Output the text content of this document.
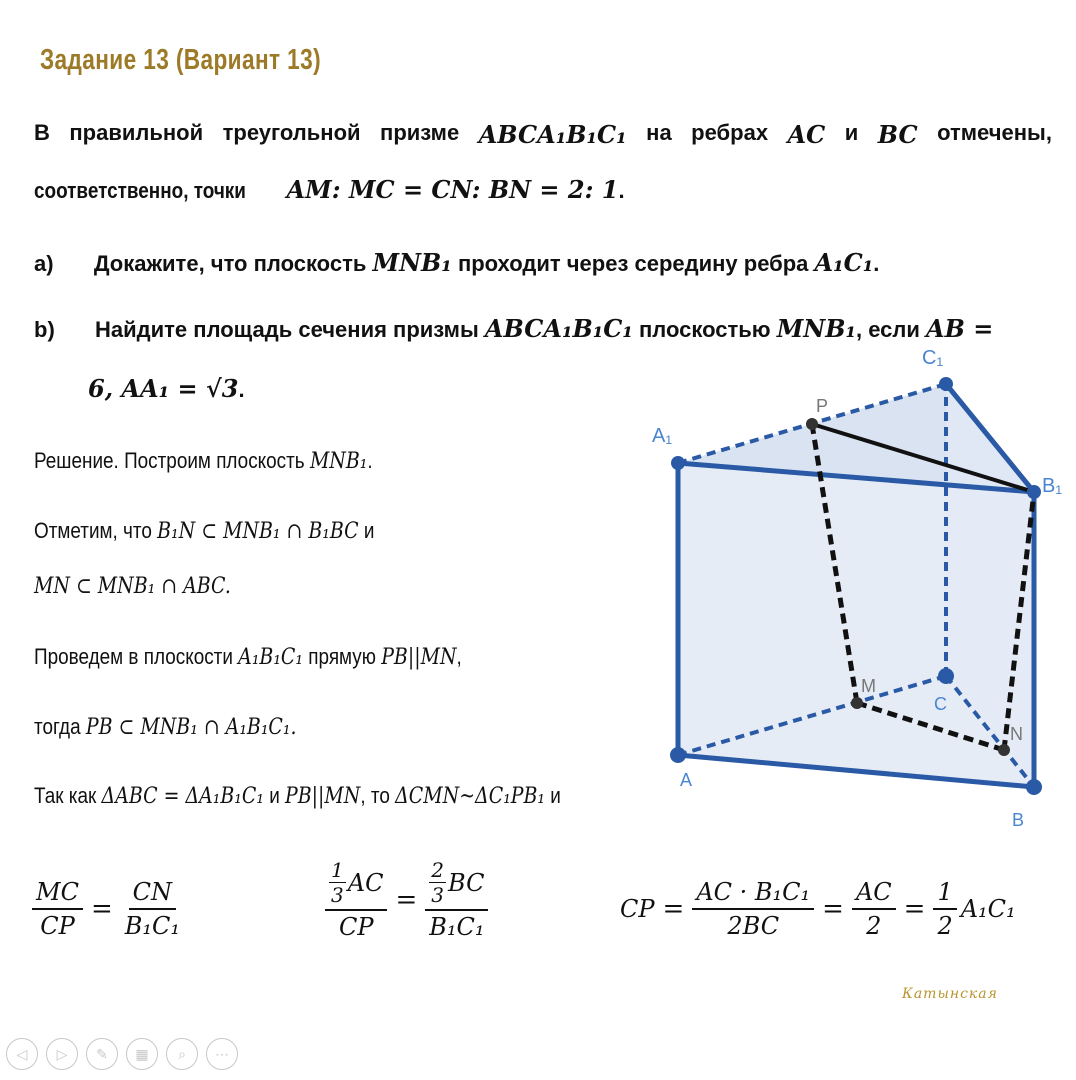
Задание 13 (Вариант 13)
В правильной треугольной призме ABCA₁B₁C₁ на ребрах AC и BC отмечены,
соответственно, точки AM: MC = CN: BN = 2: 1.
a) Докажите, что плоскость MNB₁ проходит через середину ребра A₁C₁.
b) Найдите площадь сечения призмы ABCA₁B₁C₁ плоскостью MNB₁, если AB =
6, AA₁ = √3.
Решение. Построим плоскость MNB₁.
Отметим, что B₁N ⊂ MNB₁ ∩ B₁BC и
MN ⊂ MNB₁ ∩ ABC.
Проведем в плоскости A₁B₁C₁ прямую PB||MN,
тогда PB ⊂ MNB₁ ∩ A₁B₁C₁.
Так как ΔABC = ΔA₁B₁C₁ и PB||MN, то ΔCMN~ΔC₁PB₁ и
$\frac{MC}{CP} = \frac{CN}{\text{B₁C₁}}$	$\frac{\frac{1}{3} AC}{CP} = \frac{\frac{2}{3} BC}{\text{B₁C₁}}$	CP = $\frac{\text{AC · B₁C₁}}{2BC} = \frac{AC}{2} = \frac{1}{2} A_1C_1$
A₁
C₁
B₁
A
B
C
M
N
P
Катынская
◁	▷	✎	▦	⌕	⋯
